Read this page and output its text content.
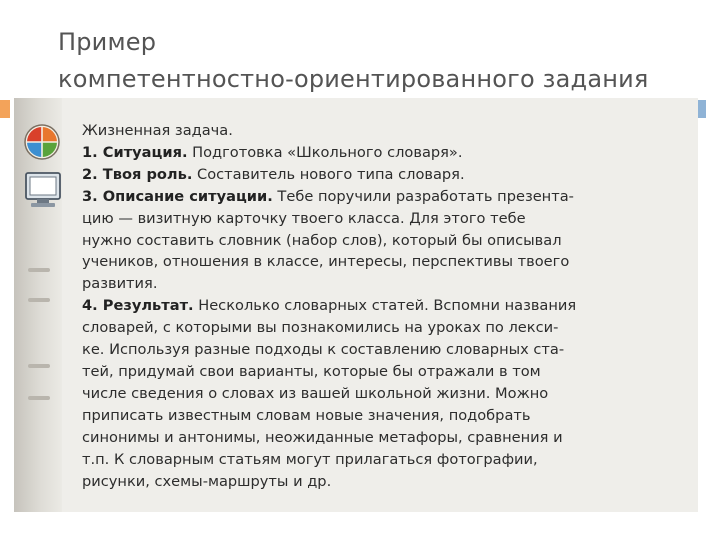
Пример
компетентностно-ориентированного задания
Жизненная задача.
1. Ситуация. Подготовка «Школьного словаря».
2. Твоя роль. Составитель нового типа словаря.
3. Описание ситуации. Тебе поручили разработать презента-
цию — визитную карточку твоего класса. Для этого тебе
нужно составить словник (набор слов), который бы описывал
учеников, отношения в классе, интересы, перспективы твоего
развития.
4. Результат. Несколько словарных статей. Вспомни названия
словарей, с которыми вы познакомились на уроках по лекси-
ке. Используя разные подходы к составлению словарных ста-
тей, придумай свои варианты, которые бы отражали в том
числе сведения о словах из вашей школьной жизни. Можно
приписать известным словам новые значения, подобрать
синонимы и антонимы, неожиданные метафоры, сравнения и
т.п. К словарным статьям могут прилагаться фотографии,
рисунки, схемы-маршруты и др.
